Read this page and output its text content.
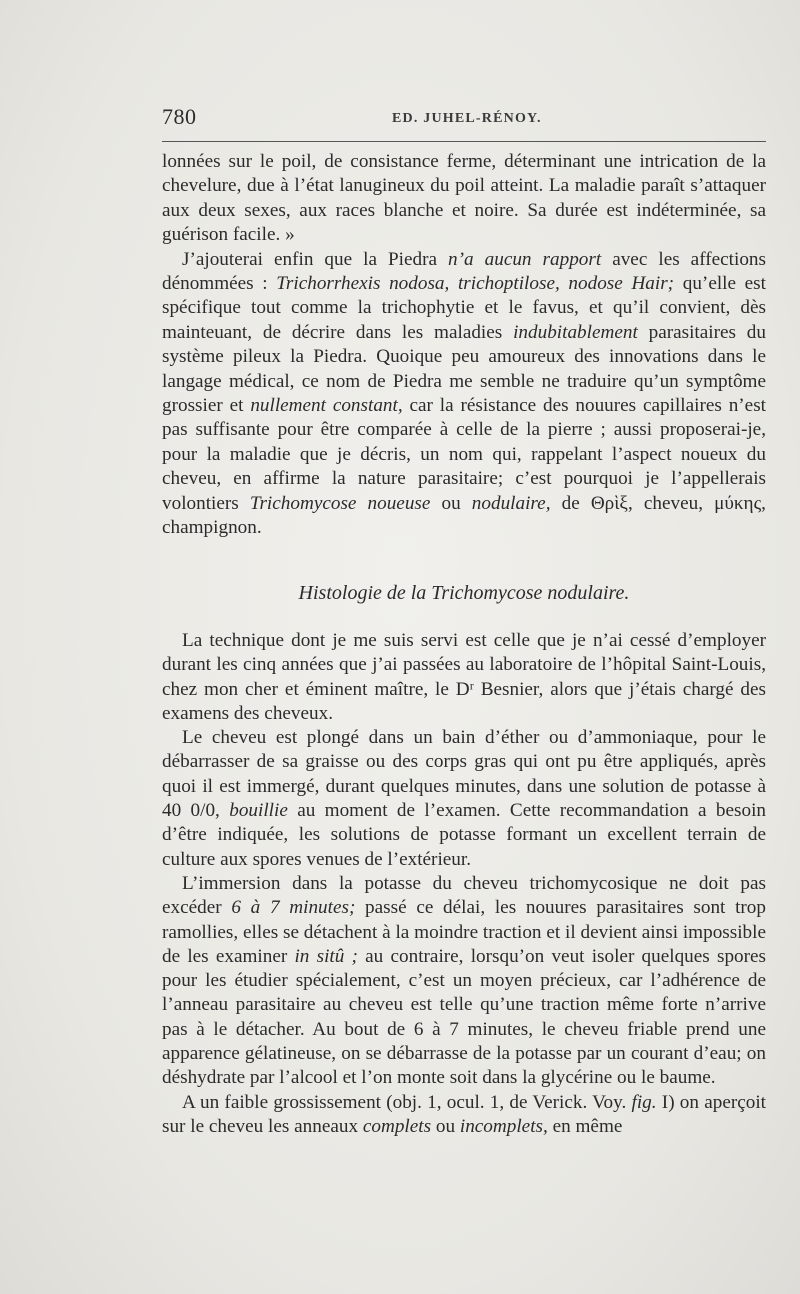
780	ED. JUHEL-RÉNOY.

lonnées sur le poil, de consistance ferme, déterminant une intrication de la chevelure, due à l’état lanugineux du poil atteint. La maladie paraît s’attaquer aux deux sexes, aux races blanche et noire. Sa durée est indéterminée, sa guérison facile. »

J’ajouterai enfin que la Piedra n’a aucun rapport avec les affections dénommées : Trichorrhexis nodosa, trichoptilose, nodose Hair; qu’elle est spécifique tout comme la trichophytie et le favus, et qu’il convient, dès mainteuant, de décrire dans les maladies indubitablement parasitaires du système pileux la Piedra. Quoique peu amoureux des innovations dans le langage médical, ce nom de Piedra me semble ne traduire qu’un symptôme grossier et nullement constant, car la résistance des nouures capillaires n’est pas suffisante pour être comparée à celle de la pierre ; aussi proposerai-je, pour la maladie que je décris, un nom qui, rappelant l’aspect noueux du cheveu, en affirme la nature parasitaire; c’est pourquoi je l’appellerais volontiers Trichomycose noueuse ou nodulaire, de Θρὶξ, cheveu, μύκης, champignon.

Histologie de la Trichomycose nodulaire.

La technique dont je me suis servi est celle que je n’ai cessé d’employer durant les cinq années que j’ai passées au laboratoire de l’hôpital Saint-Louis, chez mon cher et éminent maître, le Dʳ Besnier, alors que j’étais chargé des examens des cheveux.

Le cheveu est plongé dans un bain d’éther ou d’ammoniaque, pour le débarrasser de sa graisse ou des corps gras qui ont pu être appliqués, après quoi il est immergé, durant quelques minutes, dans une solution de potasse à 40 0/0, bouillie au moment de l’examen. Cette recommandation a besoin d’être indiquée, les solutions de potasse formant un excellent terrain de culture aux spores venues de l’extérieur.

L’immersion dans la potasse du cheveu trichomycosique ne doit pas excéder 6 à 7 minutes; passé ce délai, les nouures parasitaires sont trop ramollies, elles se détachent à la moindre traction et il devient ainsi impossible de les examiner in sitû ; au contraire, lorsqu’on veut isoler quelques spores pour les étudier spécialement, c’est un moyen précieux, car l’adhérence de l’anneau parasitaire au cheveu est telle qu’une traction même forte n’arrive pas à le détacher. Au bout de 6 à 7 minutes, le cheveu friable prend une apparence gélatineuse, on se débarrasse de la potasse par un courant d’eau; on déshydrate par l’alcool et l’on monte soit dans la glycérine ou le baume.

A un faible grossissement (obj. 1, ocul. 1, de Verick. Voy. fig. I) on aperçoit sur le cheveu les anneaux complets ou incomplets, en même
